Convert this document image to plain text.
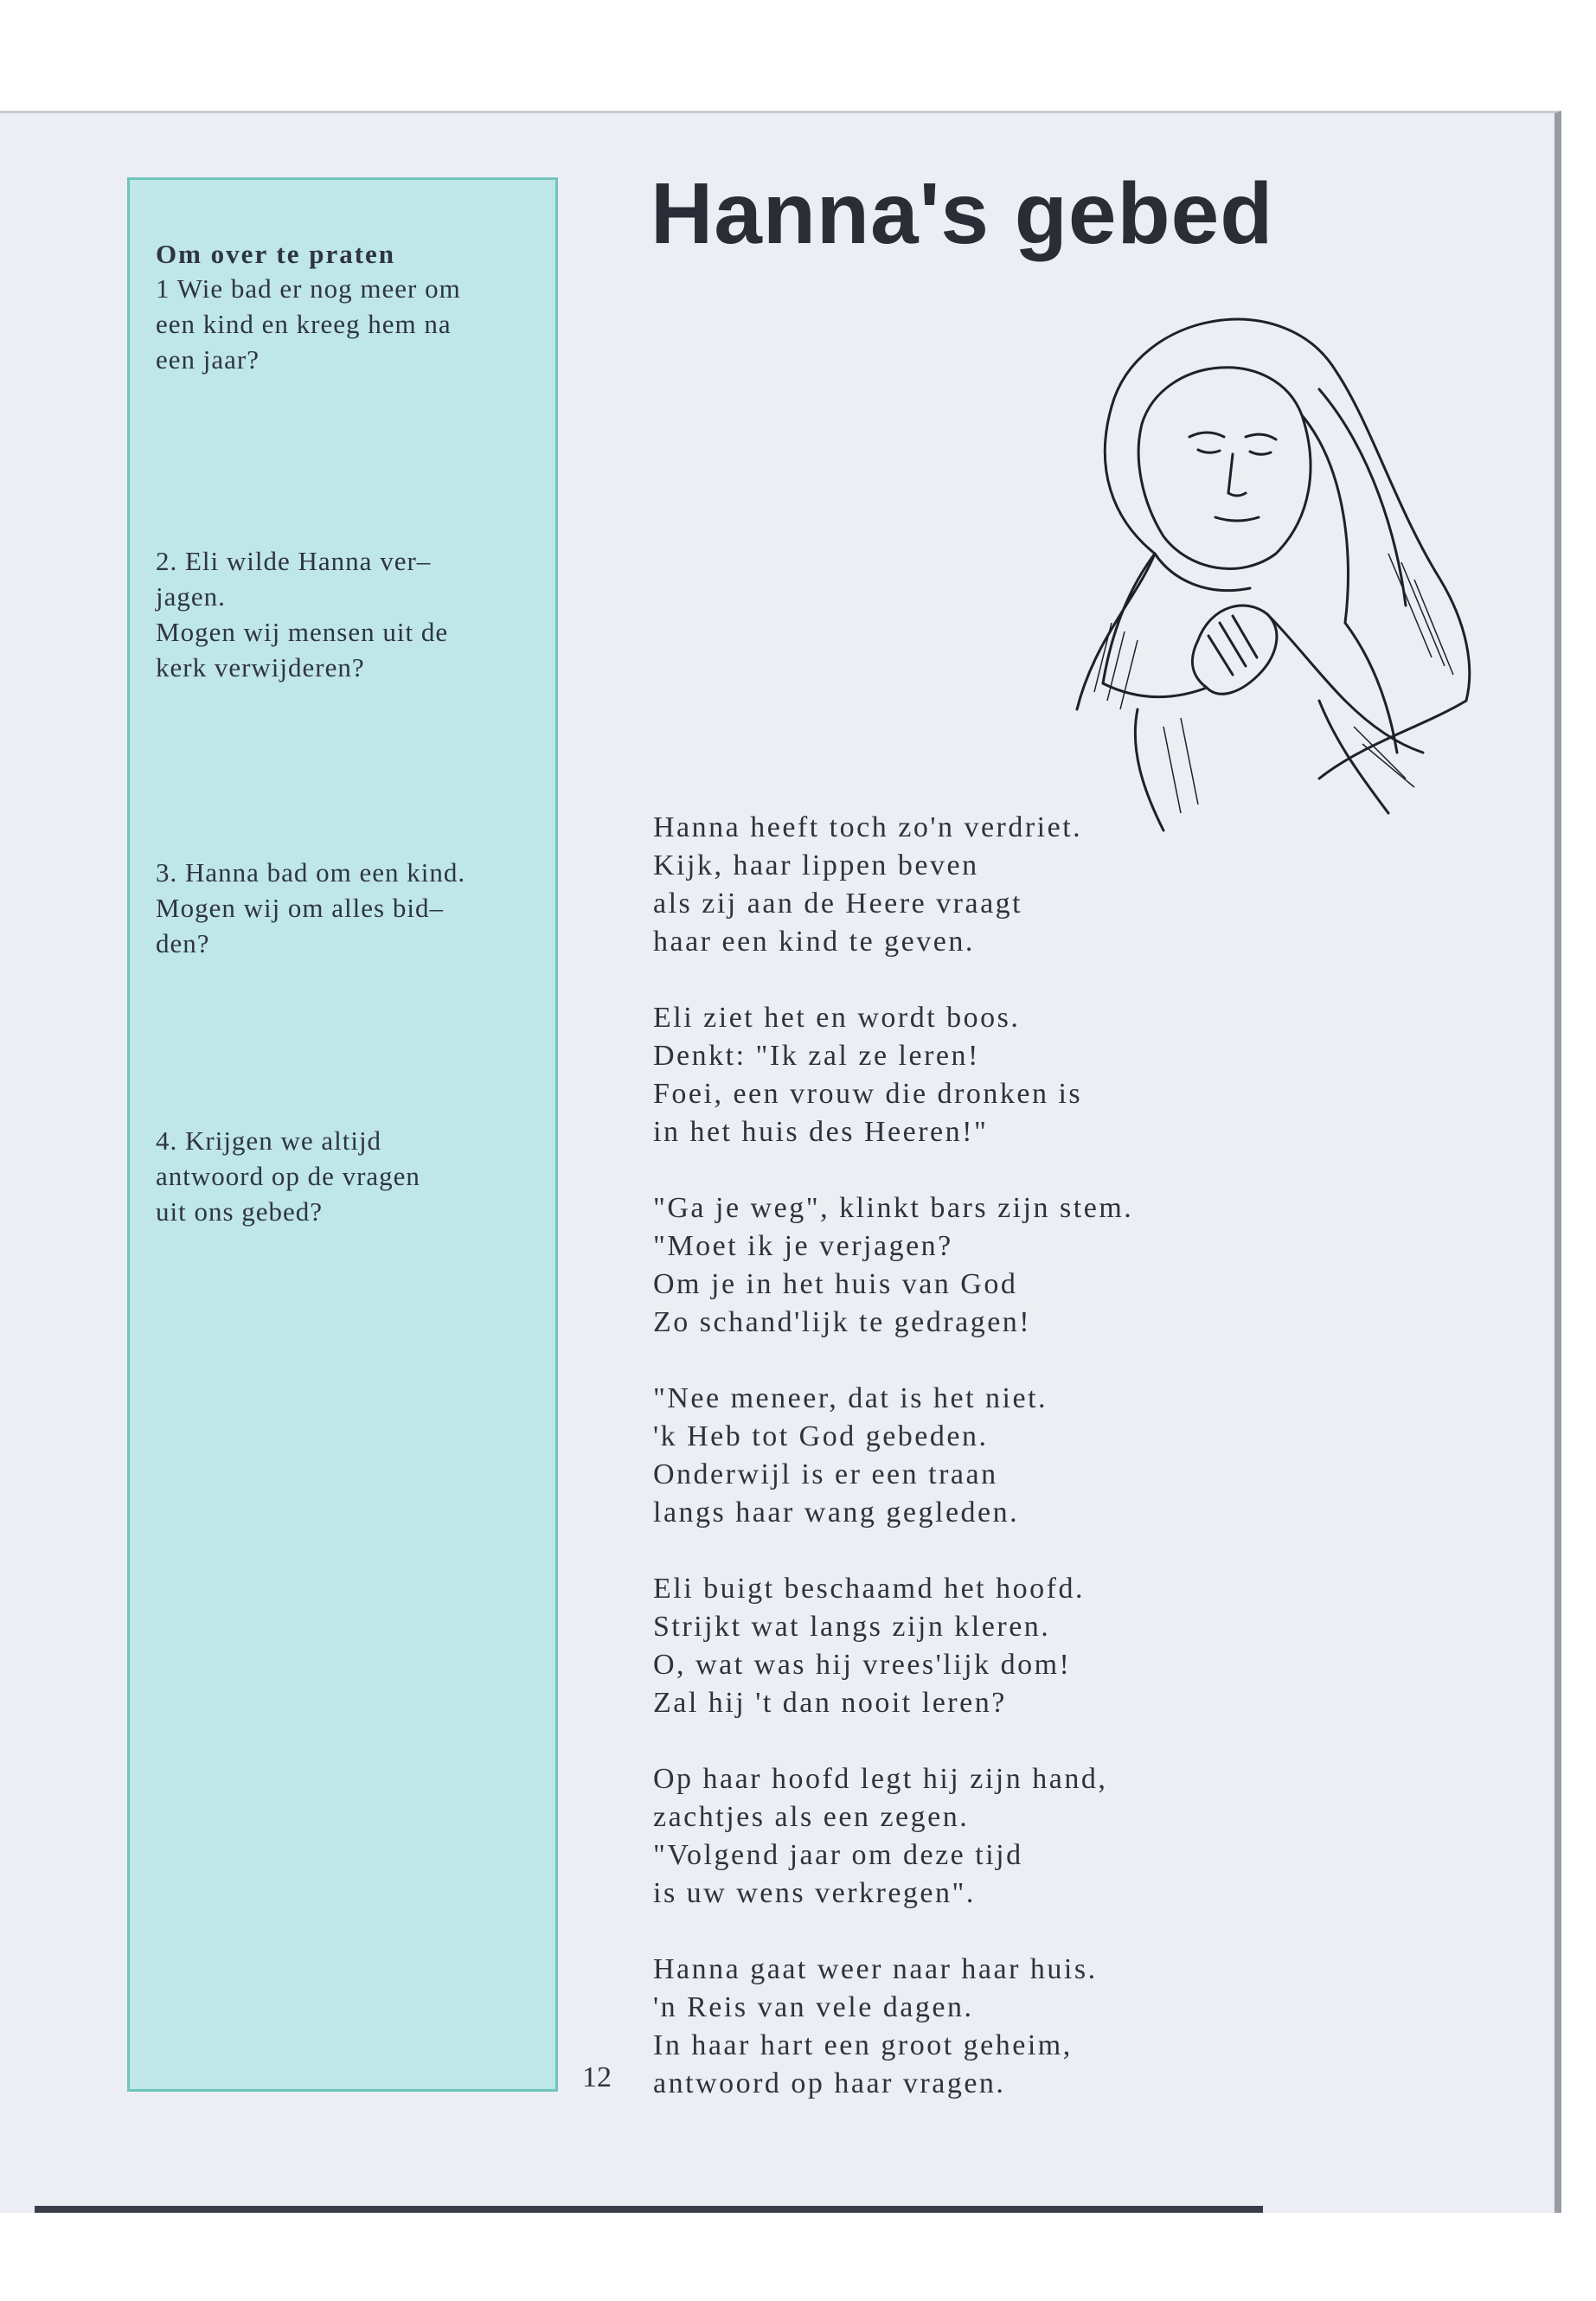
Om over te praten
1 Wie bad er nog meer om
een kind en kreeg hem na
een jaar?
2. Eli wilde Hanna ver–
jagen.
Mogen wij mensen uit de
kerk verwijderen?
3. Hanna bad om een kind.
Mogen wij om alles bid–
den?
4. Krijgen we altijd
antwoord op de vragen
uit ons gebed?
Hanna's gebed
Hanna heeft toch zo'n verdriet.
Kijk, haar lippen beven
als zij aan de Heere vraagt
haar een kind te geven.
Eli ziet het en wordt boos.
Denkt: "Ik zal ze leren!
Foei, een vrouw die dronken is
in het huis des Heeren!"
"Ga je weg", klinkt bars zijn stem.
"Moet ik je verjagen?
Om je in het huis van God
Zo schand'lijk te gedragen!
"Nee meneer, dat is het niet.
'k Heb tot God gebeden.
Onderwijl is er een traan
langs haar wang gegleden.
Eli buigt beschaamd het hoofd.
Strijkt wat langs zijn kleren.
O, wat was hij vrees'lijk dom!
Zal hij 't dan nooit leren?
Op haar hoofd legt hij zijn hand,
zachtjes als een zegen.
"Volgend jaar om deze tijd
is uw wens verkregen".
Hanna gaat weer naar haar huis.
'n Reis van vele dagen.
In haar hart een groot geheim,
antwoord op haar vragen.
12
